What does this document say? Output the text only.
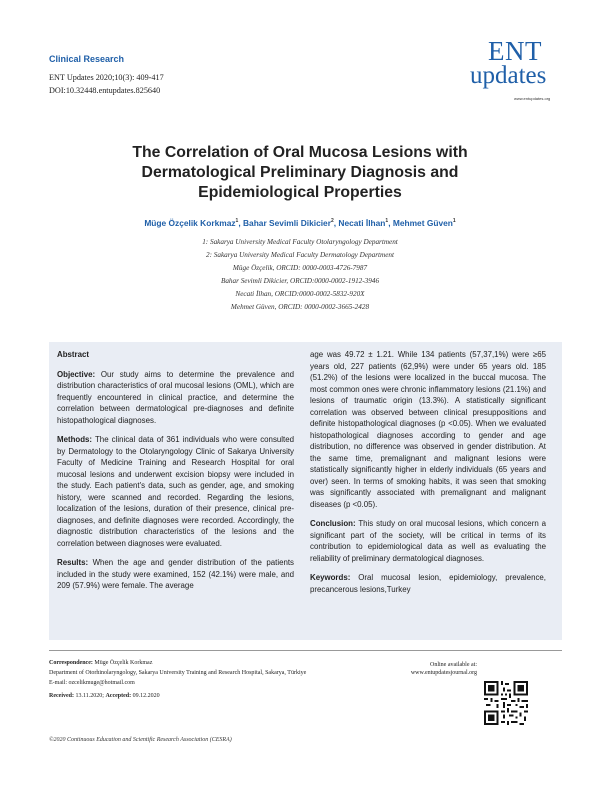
Clinical Research
ENT Updates 2020;10(3): 409-417
DOI:10.32448.entupdates.825640
ENT
updates
www.entupdates.org
The Correlation of Oral Mucosa Lesions with
Dermatological Preliminary Diagnosis and
Epidemiological Properties
Müge Özçelik Korkmaz$^1$, Bahar Sevimli Dikicier$^2$, Necati İlhan$^1$, Mehmet Güven$^1$
1: Sakarya University Medical Faculty Otolaryngology Department
2: Sakarya University Medical Faculty Dermatology Department
Müge Özçelik, ORCID: 0000-0003-4726-7987
Bahar Sevimli Dikicier, ORCID:0000-0002-1912-3946
Necati İlhan, ORCID:0000-0002-5832-920X
Mehmet Güven, ORCID: 0000-0002-3665-2428

Abstract

Objective: Our study aims to determine the prevalence and distribution characteristics of oral mucosal lesions (OML), which are frequently encountered in clinical practice, and determine the correlation between dermatological pre-diagnoses and definite histopathological diagnoses.

Methods: The clinical data of 361 individuals who were consulted by Dermatology to the Otolaryngology Clinic of Sakarya University Faculty of Medicine Training and Research Hospital for oral mucosal lesions and underwent excision biopsy were included in the study. Each patient's data, such as gender, age, and smoking history, were scanned and recorded. Regarding the lesions, localization of the lesions, duration of their presence, clinical pre-diagnoses, and definite diagnoses were recorded. Accordingly, the diagnostic distribution characteristics of the lesions and the correlation between diagnoses were evaluated.

Results: When the age and gender distribution of the patients included in the study were examined, 152 (42.1%) were male, and 209 (57.9%) were female. The average

age was 49.72 ± 1.21. While 134 patients (57,37,1%) were ≥65 years old, 227 patients (62,9%) were under 65 years old. 185 (51.2%) of the lesions were localized in the buccal mucosa. The most common ones were chronic inflammatory lesions (21.1%) and lesions of traumatic origin (13.3%). A statistically significant correlation was observed between clinical presuppositions and definite histopathological diagnoses (p <0.05). When we evaluated histopathological diagnoses according to gender and age distribution, no difference was observed in gender distribution. At the same time, premalignant and malignant lesions were statistically significantly higher in elderly individuals (65 years and over) seen. In terms of smoking habits, it was seen that smoking was significantly associated with premalignant and malignant diseases (p <0.05).

Conclusion: This study on oral mucosal lesions, which concern a significant part of the society, will be critical in terms of its contribution to epidemiological data as well as evaluating the reliability of preliminary dermatological diagnoses.

Keywords: Oral mucosal lesion, epidemiology, prevalence, precancerous lesions,Turkey

Correspondence: Müge Özçelik Korkmaz
Department of Otorhinolaryngology, Sakarya University Training and Research Hospital, Sakarya, Türkiye
E-mail: ozcelikmuge@hotmail.com
Received: 13.11.2020; Accepted: 09.12.2020
Online available at:
www.entupdatesjournal.org
©2020 Continuous Education and Scientific Research Association (CESRA)
